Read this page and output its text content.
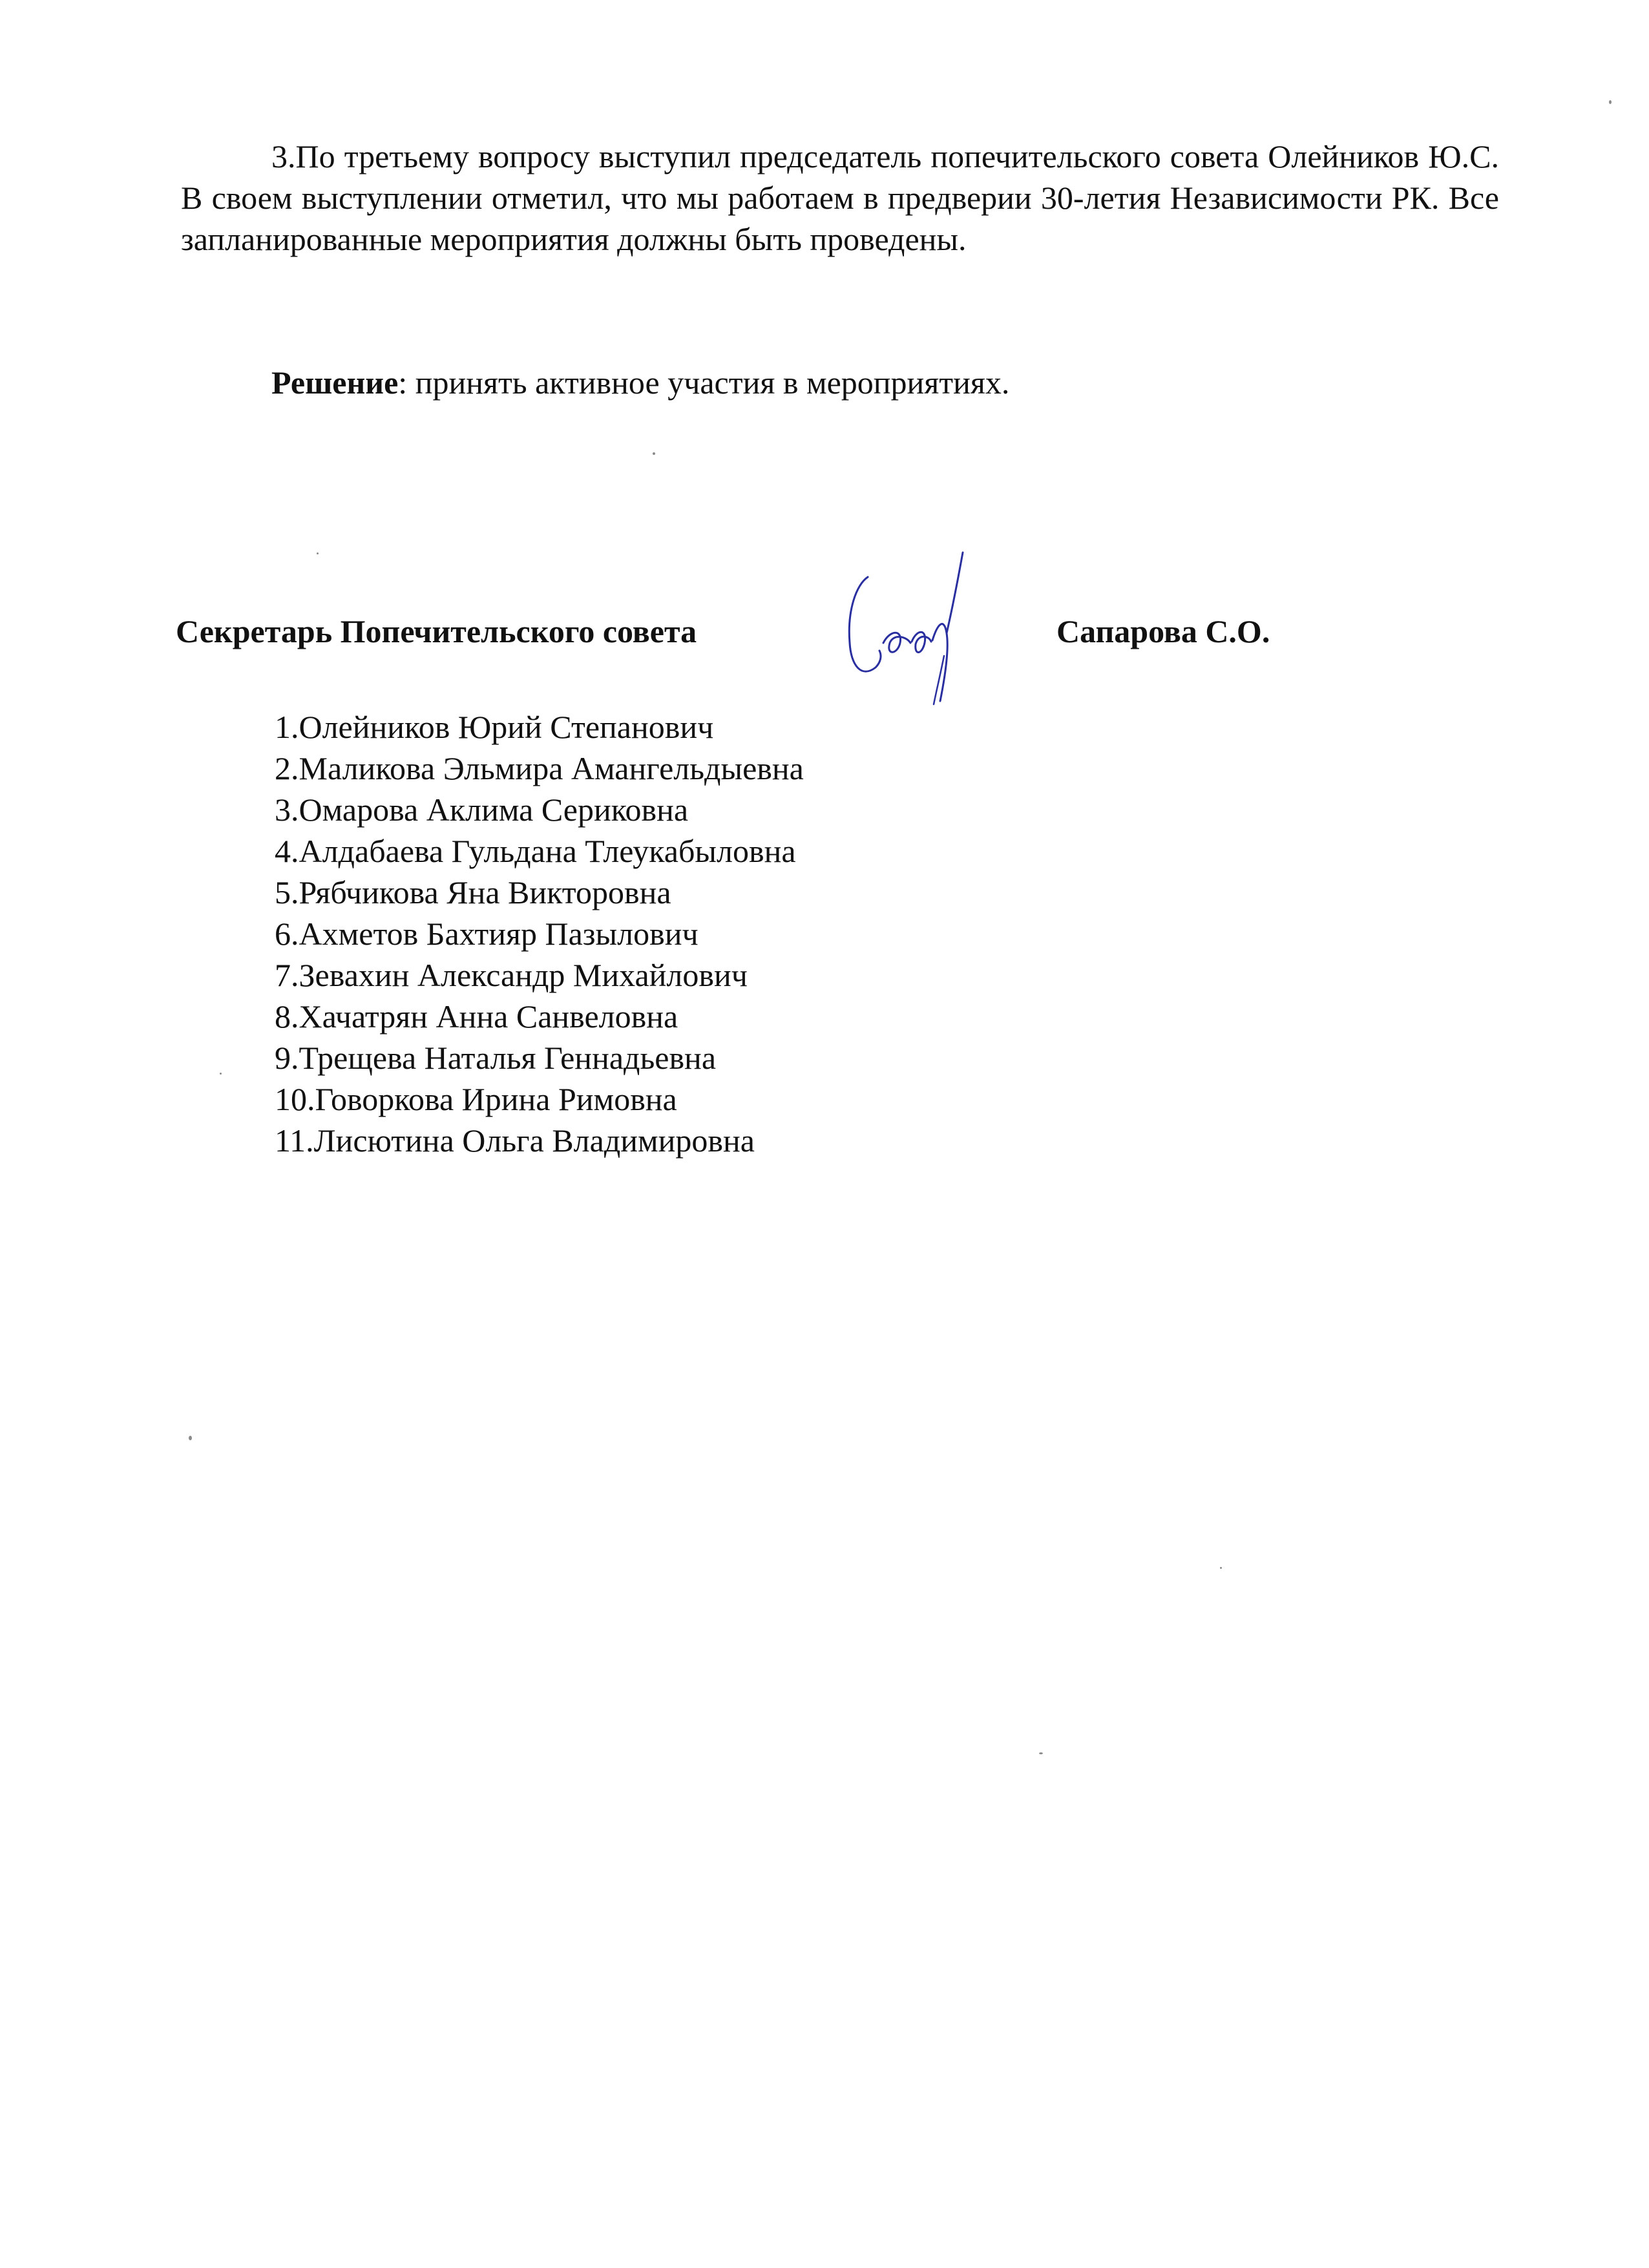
3.По третьему вопросу выступил председатель попечительского совета Олейников Ю.С. В своем выступлении отметил, что мы работаем в предверии 30-летия Независимости РК. Все запланированные мероприятия должны быть проведены.

Решение: принять активное участия в мероприятиях.

Секретарь Попечительского совета	Сапарова С.О.
1.Олейников Юрий Степанович
2.Маликова Эльмира Амангельдыевна
3.Омарова Аклима Сериковна
4.Алдабаева Гульдана Тлеукабыловна
5.Рябчикова Яна Викторовна
6.Ахметов Бахтияр Пазылович
7.Зевахин Александр Михайлович
8.Хачатрян Анна Санвеловна
9.Трещева Наталья Геннадьевна
10.Говоркова Ирина Римовна
11.Лисютина Ольга Владимировна
